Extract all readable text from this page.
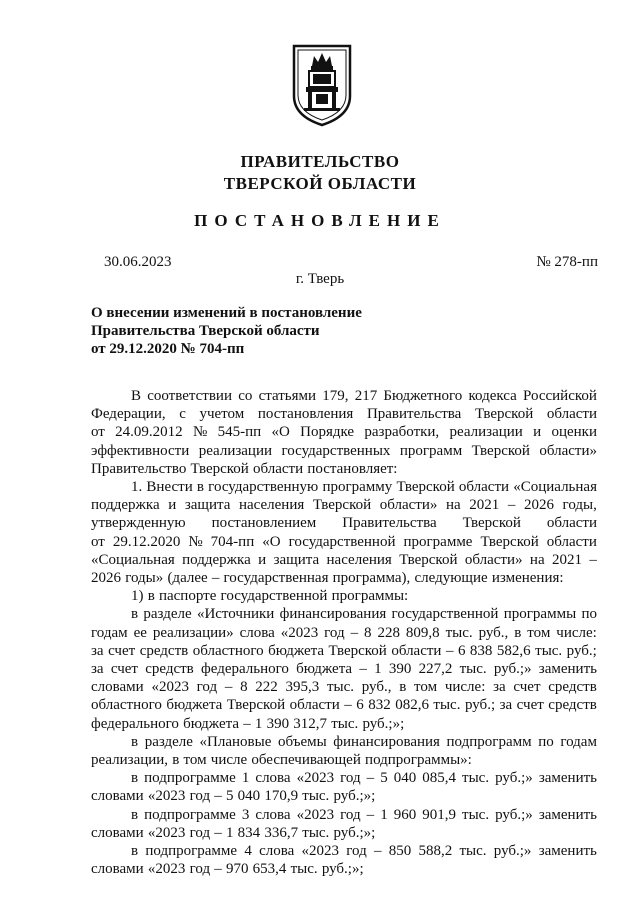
ПРАВИТЕЛЬСТВО
ТВЕРСКОЙ ОБЛАСТИ
ПОСТАНОВЛЕНИЕ
30.06.2023	№ 278-пп
г. Тверь
О внесении изменений в постановление
Правительства Тверской области
от 29.12.2020 № 704-пп
В соответствии со статьями 179, 217 Бюджетного кодекса Российской
Федерации, с учетом постановления Правительства Тверской области
от 24.09.2012 № 545-пп «О Порядке разработки, реализации и оценки
эффективности реализации государственных программ Тверской области»
Правительство Тверской области постановляет:
1. Внести в государственную программу Тверской области «Социальная
поддержка и защита населения Тверской области» на 2021 – 2026 годы,
утвержденную постановлением Правительства Тверской области
от 29.12.2020 № 704-пп «О государственной программе Тверской области
«Социальная поддержка и защита населения Тверской области» на 2021 –
2026 годы» (далее – государственная программа), следующие изменения:
1) в паспорте государственной программы:
в разделе «Источники финансирования государственной программы по
годам ее реализации» слова «2023 год – 8 228 809,8 тыс. руб., в том числе:
за счет средств областного бюджета Тверской области – 6 838 582,6 тыс. руб.;
за счет средств федерального бюджета – 1 390 227,2 тыс. руб.;» заменить
словами «2023 год – 8 222 395,3 тыс. руб., в том числе: за счет средств
областного бюджета Тверской области – 6 832 082,6 тыс. руб.; за счет средств
федерального бюджета – 1 390 312,7 тыс. руб.;»;
в разделе «Плановые объемы финансирования подпрограмм по годам
реализации, в том числе обеспечивающей подпрограммы»:
в подпрограмме 1 слова «2023 год – 5 040 085,4 тыс. руб.;» заменить
словами «2023 год – 5 040 170,9 тыс. руб.;»;
в подпрограмме 3 слова «2023 год – 1 960 901,9 тыс. руб.;» заменить
словами «2023 год – 1 834 336,7 тыс. руб.;»;
в подпрограмме 4 слова «2023 год – 850 588,2 тыс. руб.;» заменить
словами «2023 год – 970 653,4 тыс. руб.;»;
